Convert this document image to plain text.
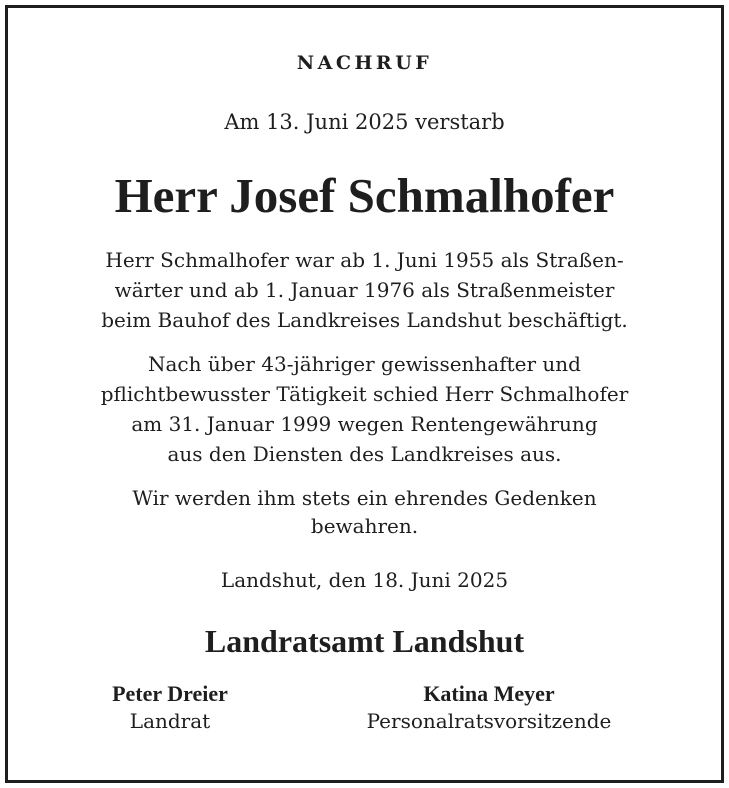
NACHRUF
Am 13. Juni 2025 verstarb
Herr Josef Schmalhofer
Herr Schmalhofer war ab 1. Juni 1955 als Straßen-
wärter und ab 1. Januar 1976 als Straßenmeister
beim Bauhof des Landkreises Landshut beschäftigt.
Nach über 43-jähriger gewissenhafter und
pflichtbewusster Tätigkeit schied Herr Schmalhofer
am 31. Januar 1999 wegen Rentengewährung
aus den Diensten des Landkreises aus.
Wir werden ihm stets ein ehrendes Gedenken
bewahren.
Landshut, den 18. Juni 2025
Landratsamt Landshut
Peter Dreier
Landrat
Katina Meyer
Personalratsvorsitzende
